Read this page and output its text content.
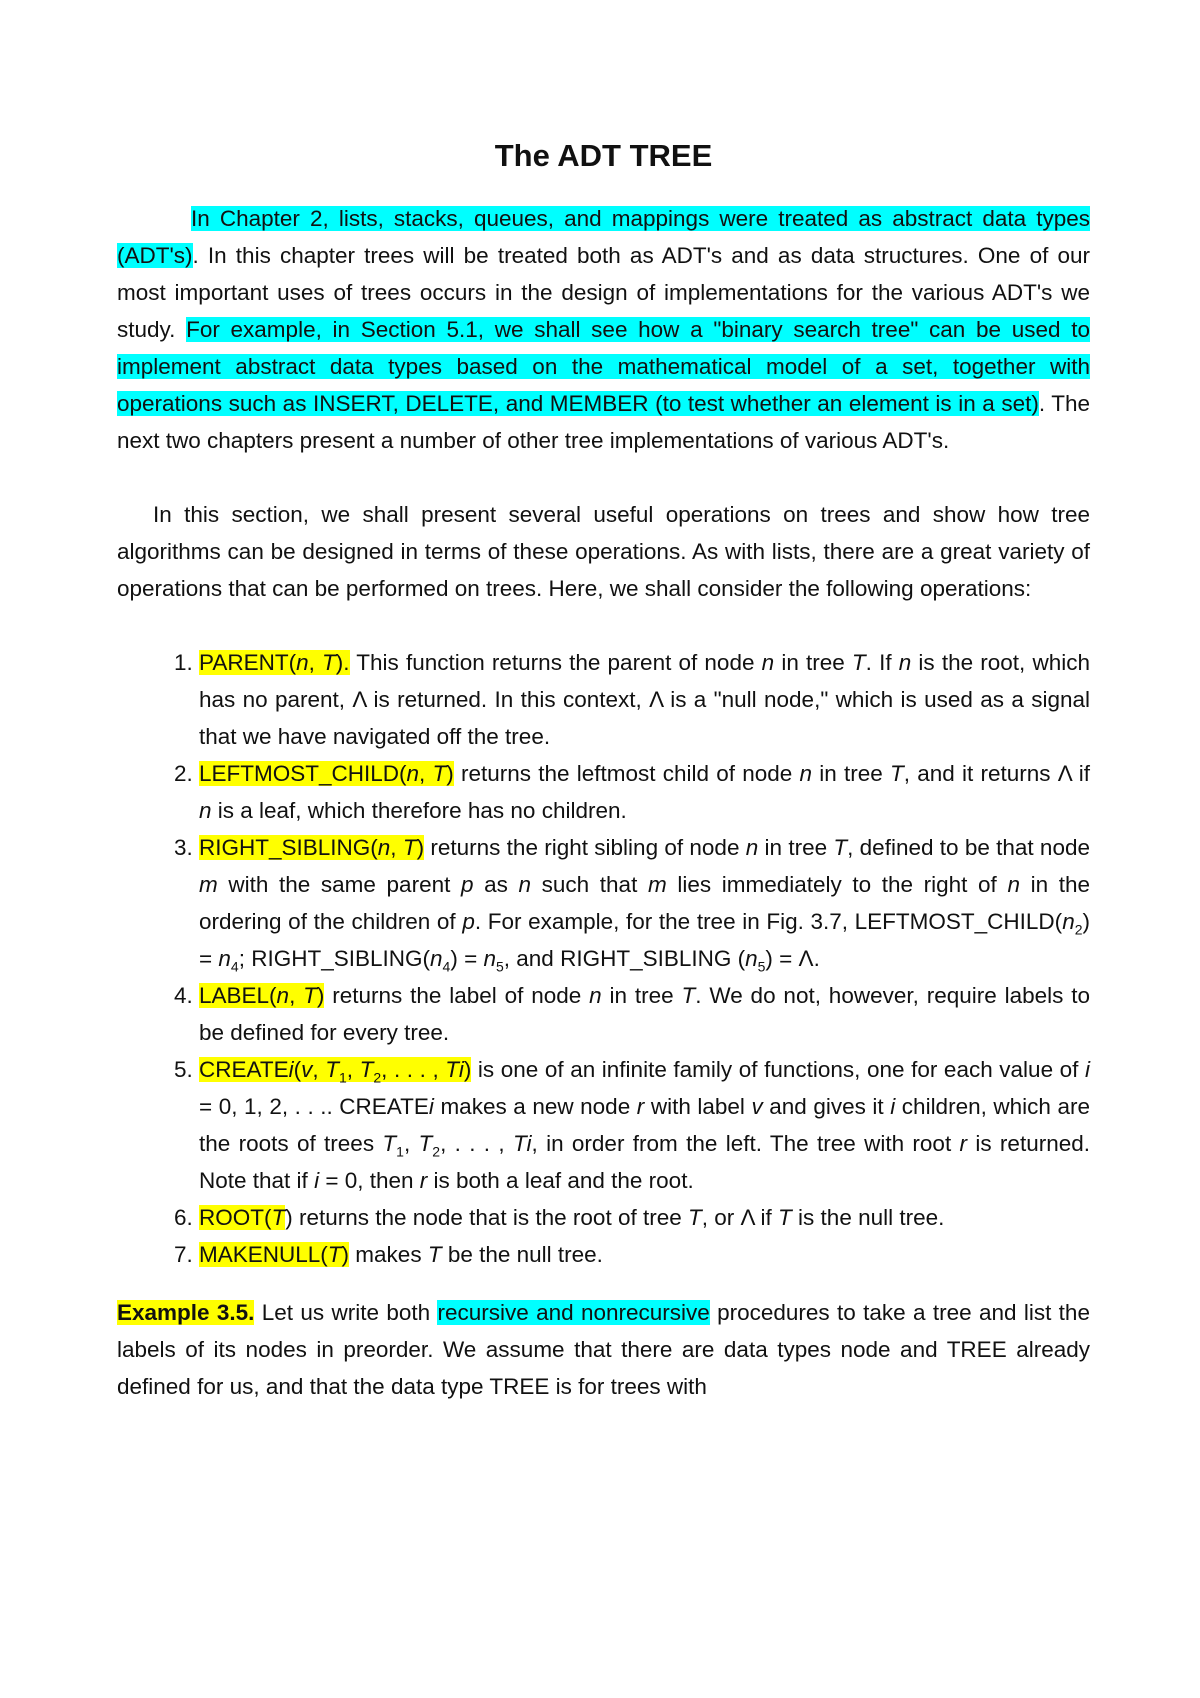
The ADT TREE

In Chapter 2, lists, stacks, queues, and mappings were treated as abstract data types (ADT's). In this chapter trees will be treated both as ADT's and as data structures. One of our most important uses of trees occurs in the design of implementations for the various ADT's we study. For example, in Section 5.1, we shall see how a "binary search tree" can be used to implement abstract data types based on the mathematical model of a set, together with operations such as INSERT, DELETE, and MEMBER (to test whether an element is in a set). The next two chapters present a number of other tree implementations of various ADT's.

In this section, we shall present several useful operations on trees and show how tree algorithms can be designed in terms of these operations. As with lists, there are a great variety of operations that can be performed on trees. Here, we shall consider the following operations:

1. PARENT(n, T). This function returns the parent of node n in tree T. If n is the root, which has no parent, Λ is returned. In this context, Λ is a "null node," which is used as a signal that we have navigated off the tree.
2. LEFTMOST_CHILD(n, T) returns the leftmost child of node n in tree T, and it returns Λ if n is a leaf, which therefore has no children.
3. RIGHT_SIBLING(n, T) returns the right sibling of node n in tree T, defined to be that node m with the same parent p as n such that m lies immediately to the right of n in the ordering of the children of p. For example, for the tree in Fig. 3.7, $LEFTMOST\_CHILD(n_2) = n_4$; $RIGHT\_SIBLING(n_4) = n_5$, and RIGHT_SIBLING $(n_5) = \Lambda$.
4. LABEL(n, T) returns the label of node n in tree T. We do not, however, require labels to be defined for every tree.
5. CREATEi(v, $T_1$, $T_2$, . . . , Ti) is one of an infinite family of functions, one for each value of i = 0, 1, 2, . . .. CREATEi makes a new node r with label v and gives it i children, which are the roots of trees $T_1$, $T_2$, . . . , Ti, in order from the left. The tree with root r is returned. Note that if i = 0, then r is both a leaf and the root.
6. ROOT(T) returns the node that is the root of tree T, or Λ if T is the null tree.
7. MAKENULL(T) makes T be the null tree.

Example 3.5. Let us write both recursive and nonrecursive procedures to take a tree and list the labels of its nodes in preorder. We assume that there are data types node and TREE already defined for us, and that the data type TREE is for trees with
